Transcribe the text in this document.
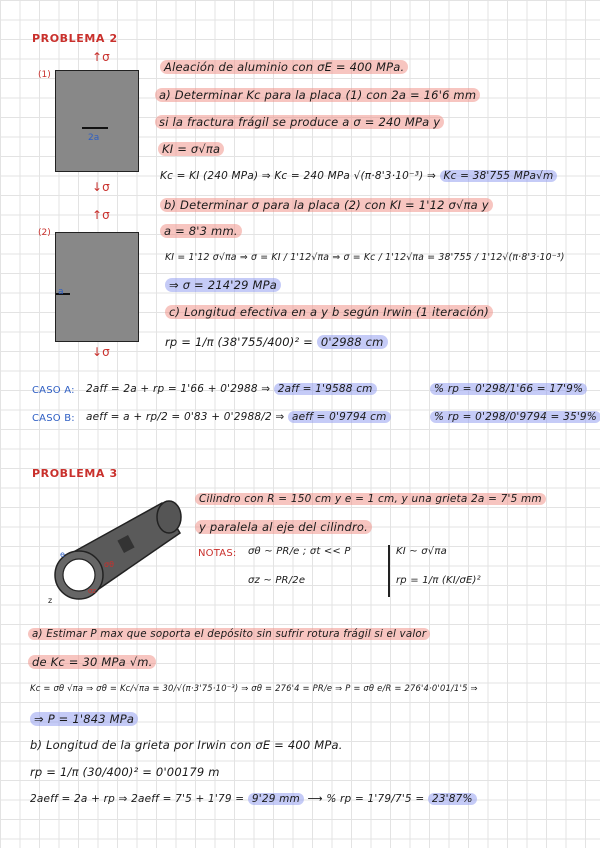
PROBLEMA 2
(1)
↑σ
2a
↓σ
(2)
↑σ
a
↓σ
Aleación de aluminio con σE = 400 MPa.
a) Determinar Kc para la placa (1) con 2a = 16'6 mm
si la fractura frágil se produce a σ = 240 MPa y
KI = σ√πa
Kc = KI (240 MPa) ⇒ Kc = 240 MPa √(π·8'3·10⁻³) ⇒ Kc = 38'755 MPa√m
b) Determinar σ para la placa (2) con KI = 1'12 σ√πa y
a = 8'3 mm.
KI = 1'12 σ√πa ⇒ σ = KI / 1'12√πa ⇒ σ = Kc / 1'12√πa = 38'755 / 1'12√(π·8'3·10⁻³)
⇒ σ = 214'29 MPa
c) Longitud efectiva en a y b según Irwin (1 iteración)
rp = 1/π (38'755/400)² = 0'2988 cm
CASO A: 2aff = 2a + rp = 1'66 + 0'2988 ⇒ 2aff = 1'9588 cm	% rp = 0'298/1'66 = 17'9%
CASO B: aeff = a + rp/2 = 0'83 + 0'2988/2 ⇒ aeff = 0'9794 cm	% rp = 0'298/0'9794 = 35'9%
PROBLEMA 3
σθ
e
z
σz
Cilindro con R = 150 cm y e = 1 cm, y una grieta 2a = 7'5 mm
y paralela al eje del cilindro.
NOTAS: σθ ~ PR/e ; σt << P
σz ~ PR/2e
KI ~ σ√πa
rp = 1/π (KI/σE)²
a) Estimar P max que soporta el depósito sin sufrir rotura frágil si el valor
de Kc = 30 MPa √m.
Kc = σθ √πa ⇒ σθ = Kc/√πa = 30/√(π·3'75·10⁻³) ⇒ σθ = 276'4 = PR/e ⇒ P = σθ e/R = 276'4·0'01/1'5 ⇒
⇒ P = 1'843 MPa
b) Longitud de la grieta por Irwin con σE = 400 MPa.
rp = 1/π (30/400)² = 0'00179 m
2aeff = 2a + rp ⇒ 2aeff = 7'5 + 1'79 = 9'29 mm ⟶ % rp = 1'79/7'5 = 23'87%
